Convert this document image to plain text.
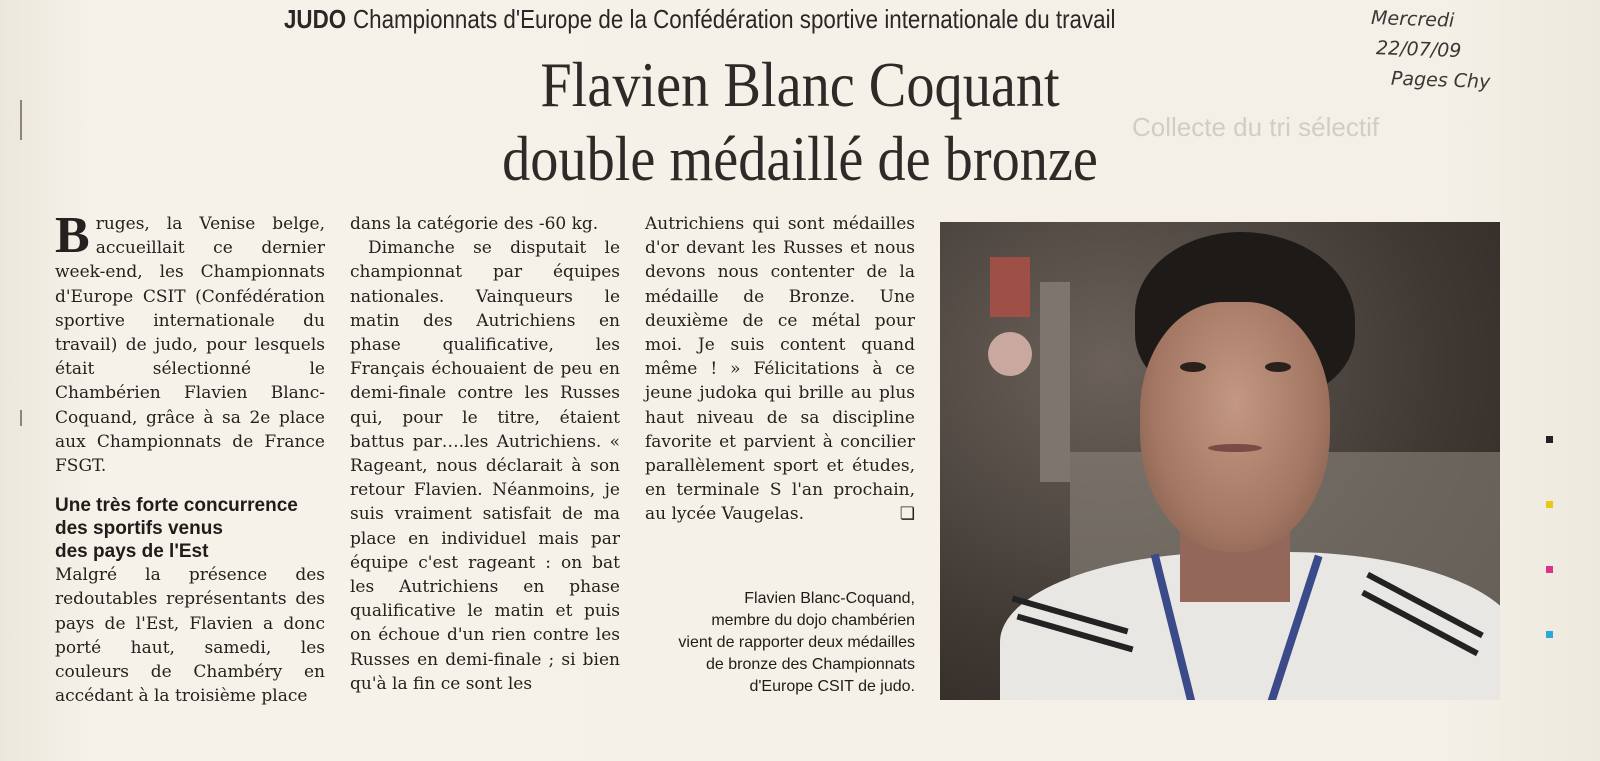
Collecte du tri sélectif
JUDO Championnats d'Europe de la Confédération sportive internationale du travail
Flavien Blanc Coquant
double médaillé de bronze
Mercredi
22/07/09
Pages Chy

Bruges, la Venise belge, accueillait ce dernier week-end, les Championnats d'Europe CSIT (Confédération sportive internationale du travail) de judo, pour lesquels était sélectionné le Chambérien Flavien Blanc-Coquand, grâce à sa 2e place aux Championnats de France FSGT.

Une très forte concurrence
des sportifs venus
des pays de l'Est

Malgré la présence des redoutables représentants des pays de l'Est, Flavien a donc porté haut, samedi, les couleurs de Chambéry en accédant à la troisième place

dans la catégorie des -60 kg.

Dimanche se disputait le championnat par équipes nationales. Vainqueurs le matin des Autrichiens en phase qualificative, les Français échouaient de peu en demi-finale contre les Russes qui, pour le titre, étaient battus par….les Autrichiens. « Rageant, nous déclarait à son retour Flavien. Néanmoins, je suis vraiment satisfait de ma place en individuel mais par équipe c'est rageant : on bat les Autrichiens en phase qualificative le matin et puis on échoue d'un rien contre les Russes en demi-finale ; si bien qu'à la fin ce sont les

Autrichiens qui sont médailles d'or devant les Russes et nous devons nous contenter de la médaille de Bronze. Une deuxième de ce métal pour moi. Je suis content quand même ! » Félicitations à ce jeune judoka qui brille au plus haut niveau de sa discipline favorite et parvient à concilier parallèlement sport et études, en terminale S l'an prochain, au lycée Vaugelas.	❏

Flavien Blanc-Coquand,
membre du dojo chambérien
vient de rapporter deux médailles
de bronze des Championnats
d'Europe CSIT de judo.
